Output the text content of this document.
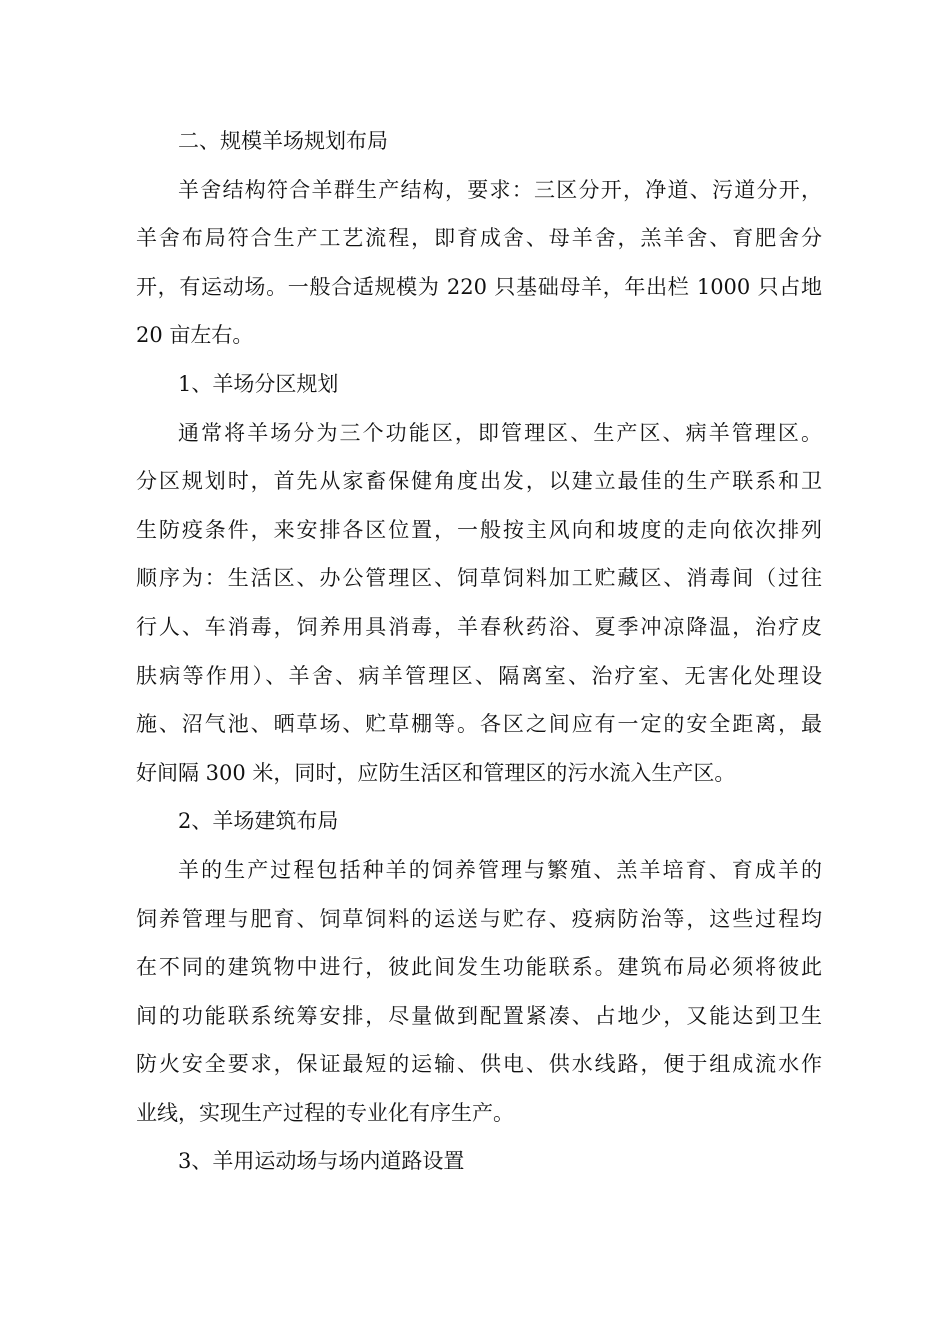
二、规模羊场规划布局
羊舍结构符合羊群生产结构，要求：三区分开，净道、污道分开，
羊舍布局符合生产工艺流程，即育成舍、母羊舍，羔羊舍、育肥舍分
开，有运动场。一般合适规模为 220 只基础母羊，年出栏 1000 只占地
20 亩左右。
1、羊场分区规划
通常将羊场分为三个功能区，即管理区、生产区、病羊管理区。
分区规划时，首先从家畜保健角度出发，以建立最佳的生产联系和卫
生防疫条件，来安排各区位置，一般按主风向和坡度的走向依次排列
顺序为：生活区、办公管理区、饲草饲料加工贮藏区、消毒间（过往
行人、车消毒，饲养用具消毒，羊春秋药浴、夏季冲凉降温，治疗皮
肤病等作用）、羊舍、病羊管理区、隔离室、治疗室、无害化处理设
施、沼气池、晒草场、贮草棚等。各区之间应有一定的安全距离，最
好间隔 300 米，同时，应防生活区和管理区的污水流入生产区。
2、羊场建筑布局
羊的生产过程包括种羊的饲养管理与繁殖、羔羊培育、育成羊的
饲养管理与肥育、饲草饲料的运送与贮存、疫病防治等，这些过程均
在不同的建筑物中进行，彼此间发生功能联系。建筑布局必须将彼此
间的功能联系统筹安排，尽量做到配置紧凑、占地少，又能达到卫生
防火安全要求，保证最短的运输、供电、供水线路，便于组成流水作
业线，实现生产过程的专业化有序生产。
3、羊用运动场与场内道路设置
